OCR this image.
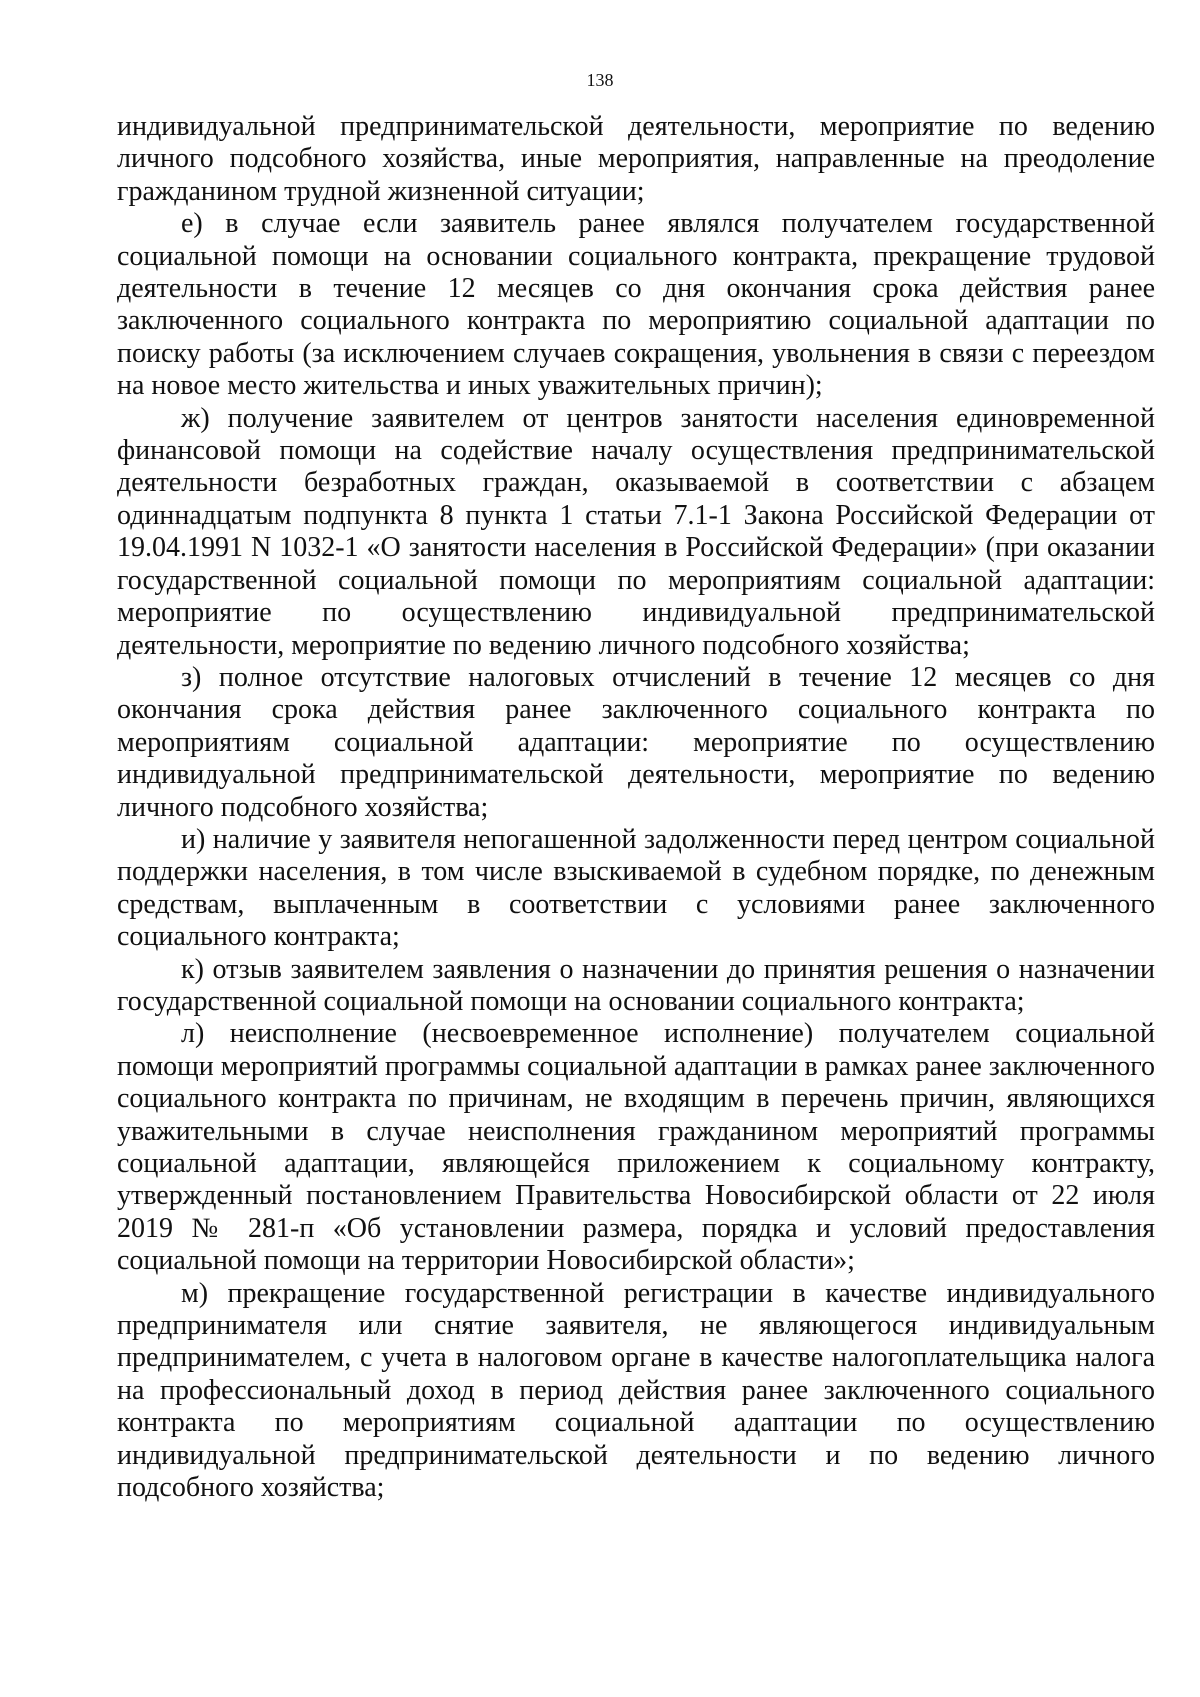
138

индивидуальной предпринимательской деятельности, мероприятие по ведению личного подсобного хозяйства, иные мероприятия, направленные на преодоление гражданином трудной жизненной ситуации;

е) в случае если заявитель ранее являлся получателем государственной социальной помощи на основании социального контракта, прекращение трудовой деятельности в течение 12 месяцев со дня окончания срока действия ранее заключенного социального контракта по мероприятию социальной адаптации по поиску работы (за исключением случаев сокращения, увольнения в связи с переездом на новое место жительства и иных уважительных причин);

ж) получение заявителем от центров занятости населения единовременной финансовой помощи на содействие началу осуществления предпринимательской деятельности безработных граждан, оказываемой в соответствии с абзацем одиннадцатым подпункта 8 пункта 1 статьи 7.1-1 Закона Российской Федерации от 19.04.1991 N 1032-1 «О занятости населения в Российской Федерации» (при оказании государственной социальной помощи по мероприятиям социальной адаптации: мероприятие по осуществлению индивидуальной предпринимательской деятельности, мероприятие по ведению личного подсобного хозяйства;

з) полное отсутствие налоговых отчислений в течение 12 месяцев со дня окончания срока действия ранее заключенного социального контракта по мероприятиям социальной адаптации: мероприятие по осуществлению индивидуальной предпринимательской деятельности, мероприятие по ведению личного подсобного хозяйства;

и) наличие у заявителя непогашенной задолженности перед центром социальной поддержки населения, в том числе взыскиваемой в судебном порядке, по денежным средствам, выплаченным в соответствии с условиями ранее заключенного социального контракта;

к) отзыв заявителем заявления о назначении до принятия решения о назначении государственной социальной помощи на основании социального контракта;

л) неисполнение (несвоевременное исполнение) получателем социальной помощи мероприятий программы социальной адаптации в рамках ранее заключенного социального контракта по причинам, не входящим в перечень причин, являющихся уважительными в случае неисполнения гражданином мероприятий программы социальной адаптации, являющейся приложением к социальному контракту, утвержденный постановлением Правительства Новосибирской области от 22 июля 2019 № 281-п «Об установлении размера, порядка и условий предоставления социальной помощи на территории Новосибирской области»;

м) прекращение государственной регистрации в качестве индивидуального предпринимателя или снятие заявителя, не являющегося индивидуальным предпринимателем, с учета в налоговом органе в качестве налогоплательщика налога на профессиональный доход в период действия ранее заключенного социального контракта по мероприятиям социальной адаптации по осуществлению индивидуальной предпринимательской деятельности и по ведению личного подсобного хозяйства;
